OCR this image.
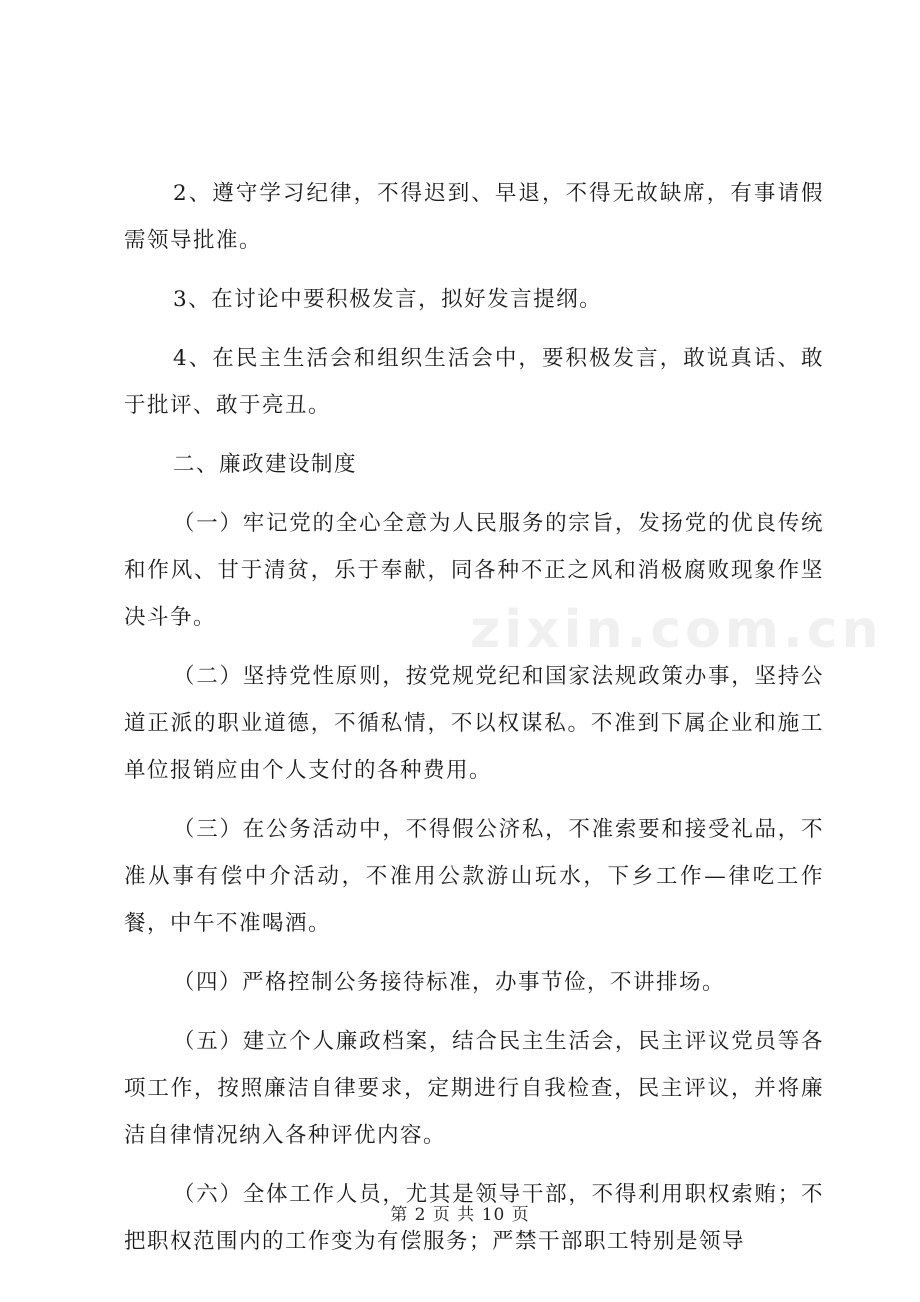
2、遵守学习纪律，不得迟到、早退，不得无故缺席，有事请假需领导批准。

3、在讨论中要积极发言，拟好发言提纲。

4、在民主生活会和组织生活会中，要积极发言，敢说真话、敢于批评、敢于亮丑。

二、廉政建设制度

（一）牢记党的全心全意为人民服务的宗旨，发扬党的优良传统和作风、甘于清贫，乐于奉献，同各种不正之风和消极腐败现象作坚决斗争。

（二）坚持党性原则，按党规党纪和国家法规政策办事，坚持公道正派的职业道德，不循私情，不以权谋私。不准到下属企业和施工单位报销应由个人支付的各种费用。

（三）在公务活动中，不得假公济私，不准索要和接受礼品，不准从事有偿中介活动，不准用公款游山玩水，下乡工作—律吃工作餐，中午不准喝酒。

（四）严格控制公务接待标准，办事节俭，不讲排场。

（五）建立个人廉政档案，结合民主生活会，民主评议党员等各项工作，按照廉洁自律要求，定期进行自我检查，民主评议，并将廉洁自律情况纳入各种评优内容。

（六）全体工作人员，尤其是领导干部，不得利用职权索贿；不把职权范围内的工作变为有偿服务；严禁干部职工特别是领导

zixin.com.cn
第 2 页 共 10 页
